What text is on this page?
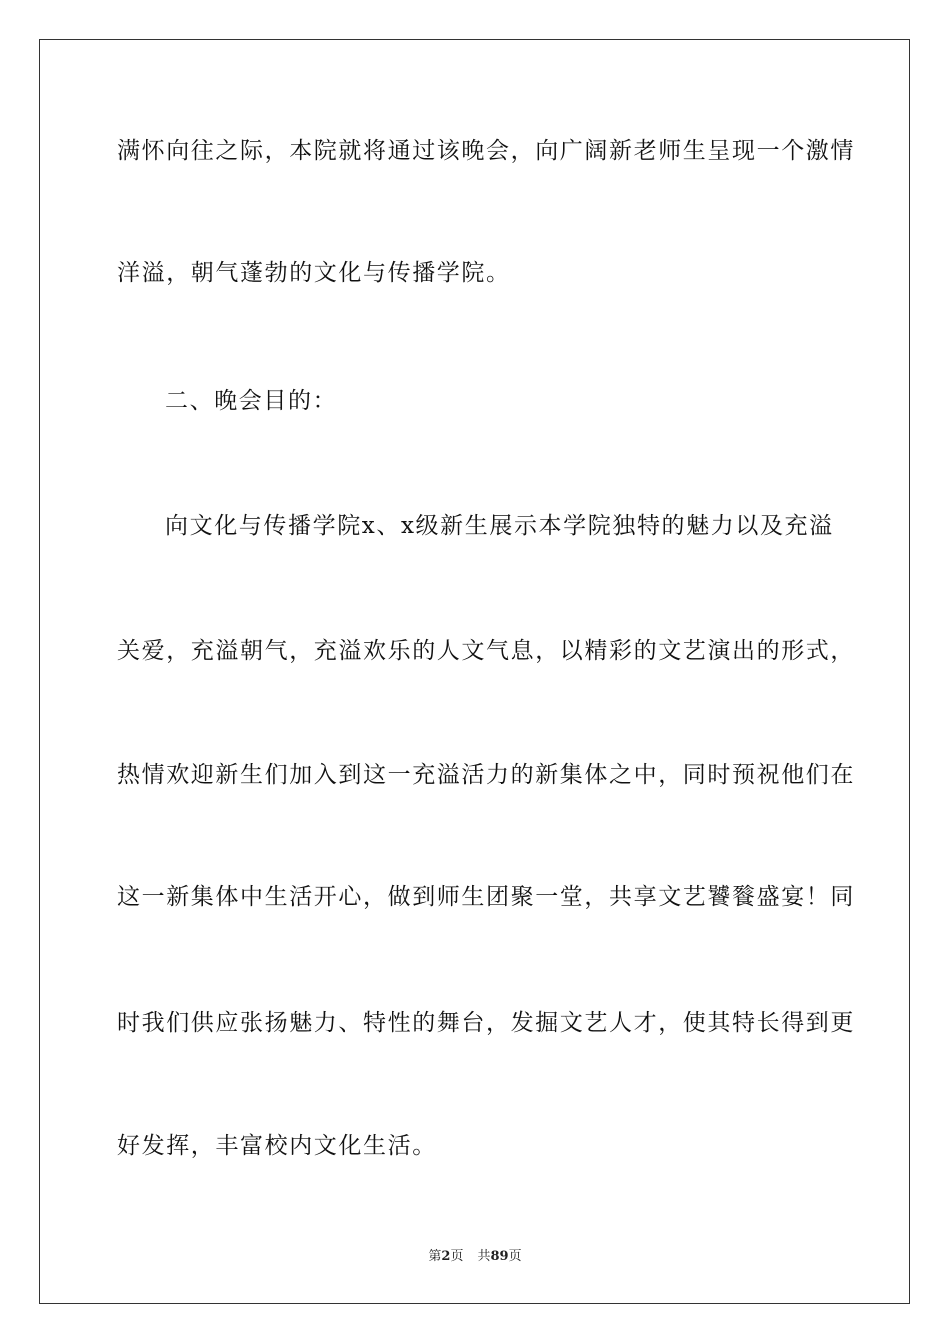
满怀向往之际，本院就将通过该晚会，向广阔新老师生呈现一个激情
洋溢，朝气蓬勃的文化与传播学院。
二、晚会目的：
向文化与传播学院x、x级新生展示本学院独特的魅力以及充溢
关爱，充溢朝气，充溢欢乐的人文气息，以精彩的文艺演出的形式，
热情欢迎新生们加入到这一充溢活力的新集体之中，同时预祝他们在
这一新集体中生活开心，做到师生团聚一堂，共享文艺饕餮盛宴！同
时我们供应张扬魅力、特性的舞台，发掘文艺人才，使其特长得到更
好发挥，丰富校内文化生活。
第2页 共89页
